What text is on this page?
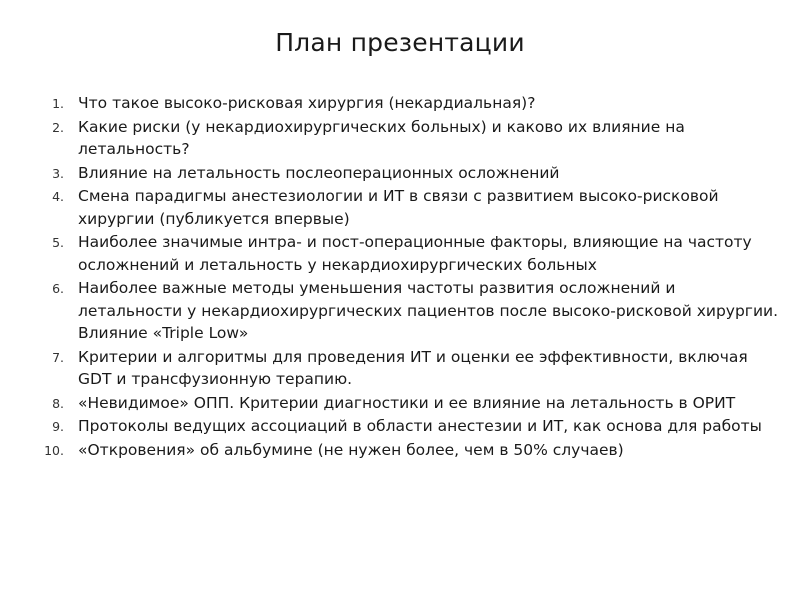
План презентации
1. Что такое высоко-рисковая хирургия (некардиальная)?
2. Какие риски (у некардиохирургических больных) и каково их влияние на летальность?
3. Влияние на летальность послеоперационных осложнений
4. Смена парадигмы анестезиологии и ИТ в связи с развитием высоко-рисковой хирургии (публикуется впервые)
5. Наиболее значимые интра- и пост-операционные факторы, влияющие на частоту осложнений и летальность у некардиохирургических больных
6. Наиболее важные методы уменьшения частоты развития осложнений и летальности у некардиохирургических пациентов после высоко-рисковой хирургии. Влияние «Triple Low»
7. Критерии и алгоритмы для проведения ИТ и оценки ее эффективности, включая GDT и трансфузионную терапию.
8. «Невидимое» ОПП. Критерии диагностики и ее влияние на летальность в ОРИТ
9. Протоколы ведущих ассоциаций в области анестезии и ИТ, как основа для работы
10. «Откровения» об альбумине (не нужен более, чем в 50% случаев)
